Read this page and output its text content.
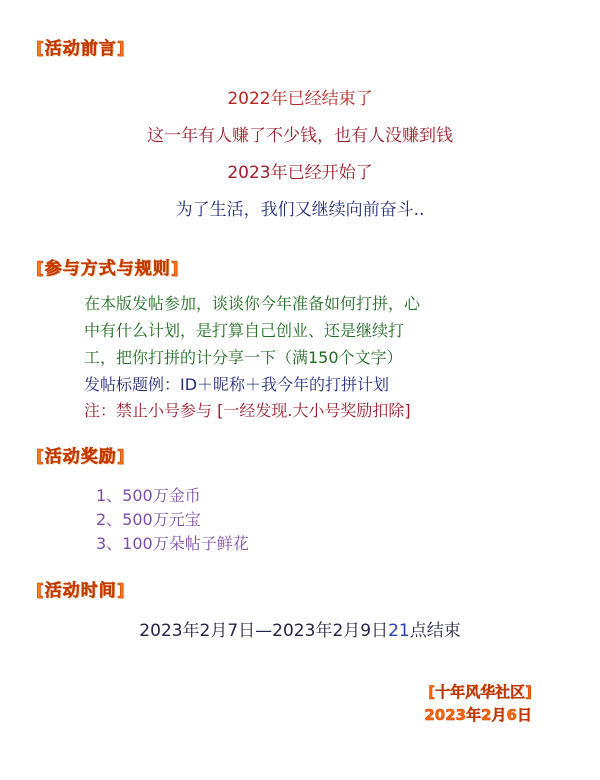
[活动前言]
2022年已经结束了
这一年有人赚了不少钱，也有人没赚到钱
2023年已经开始了
为了生活，我们又继续向前奋斗..
[参与方式与规则]
在本版发帖参加，谈谈你今年准备如何打拼，心
中有什么计划，是打算自己创业、还是继续打
工，把你打拼的计分享一下（满150个文字）
发帖标题例：ID＋昵称＋我今年的打拼计划
注：禁止小号参与 [一经发现.大小号奖励扣除]
[活动奖励]
1、500万金币
2、500万元宝
3、100万朵帖子鲜花
[活动时间]
2023年2月7日—2023年2月9日21点结束
[十年风华社区]
2023年2月6日
